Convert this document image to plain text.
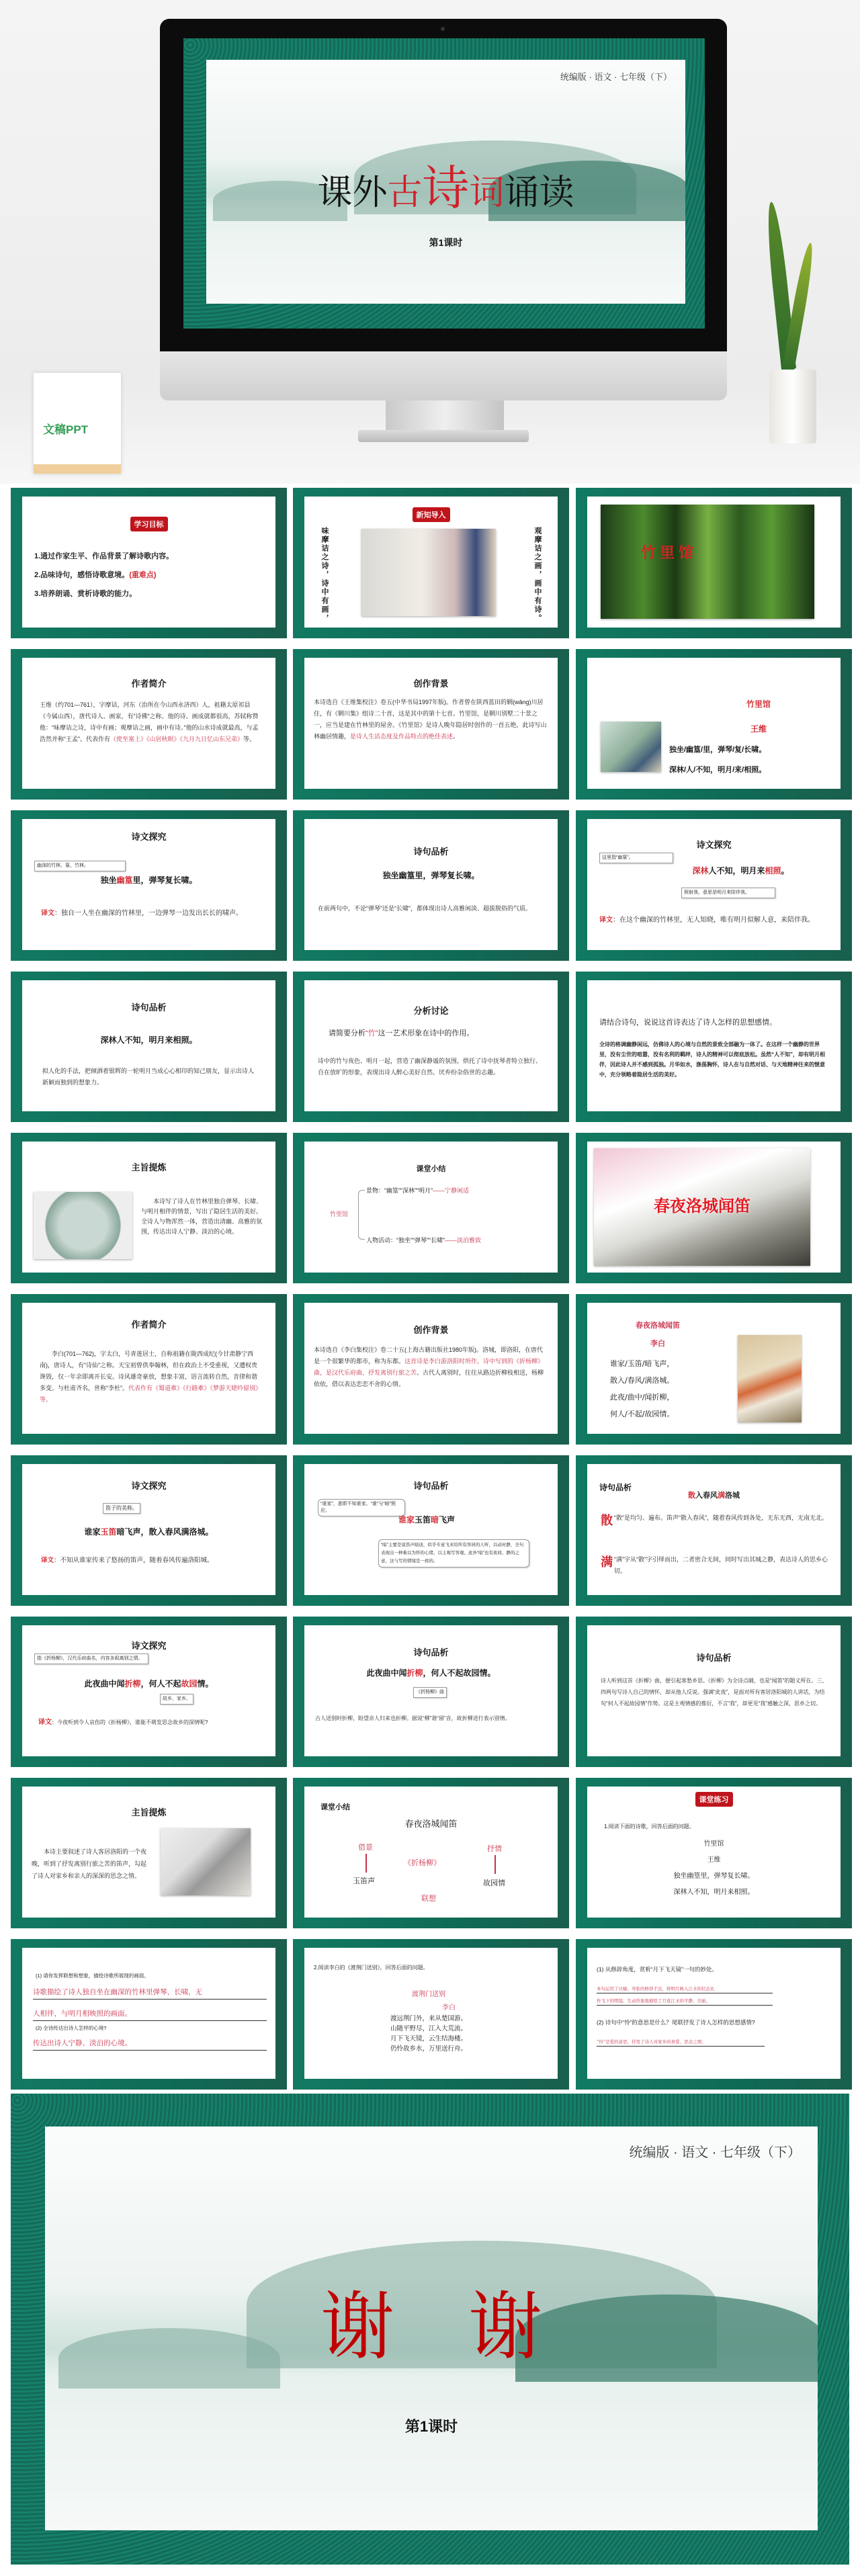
统编版 · 语文 · 七年级（下）
课外古诗词诵读
第1课时
文稿PPT
学习目标
1.通过作家生平、作品背景了解诗歌内容。
2.品味诗句，感悟诗歌意境。(重难点)
3.培养朗诵、赏析诗歌的能力。
新知导入
味摩诘之诗，诗中有画，	观摩诘之画，画中有诗。	竹 里 馆
作者简介
王维（约701—761），字摩诘，河东（治所在今山西永济西）人，祖籍太原祁县（今属山西），唐代诗人、画家，有“诗佛”之称。他的诗、画成就都很高，苏轼称赞他：“味摩诘之诗，诗中有画；观摩诘之画，画中有诗。”他的山水诗成就最高，与孟浩然并称“王孟”。代表作有《使至塞上》《山居秋暝》《九月九日忆山东兄弟》等。
创作背景
本诗选自《王维集校注》卷五(中华书局1997年版)。作者曾在陕西蓝田的辋(wǎng)川居住，有《辋川集》组诗二十首，这是其中的第十七首。竹里馆，是辋川别墅二十景之一，应当是建在竹林里的屋舍。《竹里馆》是诗人晚年隐居时创作的一首五绝，此诗写山林幽居情趣，是诗人生活态度及作品特点的绝佳表述。
竹里馆
王维
独坐/幽篁/里，弹琴/复/长啸。
深林/人/不知，明月/来/相照。
诗文探究
幽深的竹林。篁，竹林。
独坐幽篁里，弹琴复长啸。
译文：独自一人坐在幽深的竹林里，一边弹琴一边发出长长的啸声。
诗句品析
独坐幽篁里，弹琴复长啸。
在前两句中，不论“弹琴”还是“长啸”，都体现出诗人高雅闲淡、超拔脱俗的气质。
诗文探究
这里指“幽篁”。
深林人不知，明月来相照。
照射我，意思是明月来陪伴我。
译文：在这个幽深的竹林里，无人知晓，唯有明月似解人意，来陪伴我。
诗句品析
深林人不知，明月来相照。
拟人化的手法，把倾洒着银辉的一轮明月当成心心相印的知己朋友，显示出诗人新颖而独到的想象力。
分析讨论
请简要分析“竹”这一艺术形象在诗中的作用。
诗中的竹与夜色、明月一起，营造了幽深静谧的氛围，烘托了诗中抚琴者特立独行、自在放旷的形象，表现出诗人醉心美好自然、厌弃纷杂俗世的志趣。
请结合诗句，说说这首诗表达了诗人怎样的思想感情。
全诗的格调幽静闲远，仿佛诗人的心境与自然的景致全部融为一体了。在这样一个幽静的世界里，没有尘世的喧嚣，没有名利的羁绊，诗人的精神可以彻底放松。虽然“人不知”，却有明月相伴，因此诗人并不感到孤独。月华如水，涤荡胸怀，诗人在与自然对话、与天地精神往来的惬意中，充分领略着隐居生活的美好。
主旨提炼
本诗写了诗人在竹林里独自弹琴、长啸、与明月相伴的情景，写出了隐居生活的美好。全诗人与物浑然一体，营造出清幽、高雅的氛围，传达出诗人宁静、淡泊的心境。
课堂小结
竹里馆
景物：“幽篁”“深林”“明月”——宁静闲适
人物活动：“独坐”“弹琴”“长啸”——淡泊雅致
春夜洛城闻笛
作者简介
李白(701—762)，字太白，号青莲居士，自称祖籍在陇西成纪(今甘肃静宁西南)，唐诗人，有“诗仙”之称。天宝初曾供奉翰林，但在政治上不受重视，又遭权贵谗毁，仅一年余即离开长安。诗风雄奇豪放，想象丰富，语言流转自然，音律和谐多变。与杜甫齐名，世称“李杜”。代表作有《蜀道难》《行路难》《梦游天姥吟留别》等。
创作背景
本诗选自《李白集校注》卷二十五(上海古籍出版社1980年版)。洛城，即洛阳，在唐代是一个很繁华的都市，称为东都。这首诗是李白游洛阳时所作，诗中写到的《折杨柳》曲，是汉代乐府曲，抒发离别行旅之苦。古代人离别时，往往从路边折柳枝相送，杨柳依依，借以表达恋恋不舍的心情。
春夜洛城闻笛
李白
谁家/玉笛/暗飞声，
散入/春风/满洛城。
此夜/曲中/闻折柳，
何人/不起/故园情。
诗文探究
笛子的美称。
谁家玉笛暗飞声，散入春风满洛城。
译文：不知从谁家传来了悠扬的笛声，随着春风传遍洛阳城。
诗句品析
“谁家”，意即不知谁家。“谁”与“暗”照应。
谁家玉笛暗飞声
“暗”主要是说笛声暗送，似乎专意飞来给所有客居的人听，以动衬静，全句表现出一种难以为怀的心绪，以主观写客观。此外“暗”也有夜间、静的之意，这与写的情境是一致的。
诗句品析
散入春风满洛城
散 “散”是均匀、遍布。笛声“散入春风”，随着春风传到各处，无东无西，无南无北。
满 “满”字从“散”字引绎而出，二者密合无间，同时写出其城之静，表达诗人的思乡心切。
诗文探究
指《折杨柳》，汉代乐府曲名，内容多叙离别之情。
此夜曲中闻折柳，何人不起故园情。
故乡，家乡。
译文：今夜听到令人哀伤的《折杨柳》，谁能不萌发思念故乡的深情呢?
诗句品析
此夜曲中闻折柳，何人不起故园情。
《折杨柳》曲
古人送别时折柳，盼望亲人归来也折柳。据说“柳”谐“留”音，故折柳送行表示别情。
诗句品析
诗人听到这首《折柳》曲，便引起客愁乡思。《折柳》为全诗点睛，也是“闻笛”的题义所在。三、四两句写诗人自己的情怀，却从他人反说。强调“此夜”，是面对所有客居洛阳城的人讲话，为结句“何人不起故园情”作势。这是主观情感的推衍，不言“我”，却更见“我”感触之深，思乡之切。
主旨提炼
本诗主要叙述了诗人客居洛阳的一个夜晚，听到了抒发离别行旅之苦的笛声，勾起了诗人对家乡和亲人的深深的思念之情。
课堂小结
春夜洛城闻笛
借景
玉笛声
《折杨柳》
抒情
故园情
联想
课堂练习
1.阅读下面的诗歌，回答后面的问题。
竹里馆
王维
独坐幽篁里，弹琴复长啸。
深林人不知，明月来相照。
(1) 请你发挥联想和想象，描绘诗歌所展现的画面。
诗歌描绘了诗人独自坐在幽深的竹林里弹琴、长啸，无
人相伴，与明月相映照的画面。
(2) 全诗传达出诗人怎样的心境?
传达出诗人宁静、淡泊的心境。
2.阅读李白的《渡荆门送别》，回答后面的问题。
渡荆门送别
李白
渡远荆门外，来从楚国游。
山随平野尽，江入大荒流。
月下飞天镜，云生结海楼。
仍怜故乡水，万里送行舟。
(1) 从修辞角度，赏析“月下飞天镜”一句的妙处。
本句运用了比喻、夸张的修辞手法，将明月映入江水的状态比
作飞下的明镜，生动形象地描绘了月夜江水的平静、美丽。
(2) 诗句中“怜”的意思是什么？尾联抒发了诗人怎样的思想感情?
“怜”是爱的意思，抒发了诗人对家乡的喜爱、思念之情。
统编版 · 语文 · 七年级（下）
谢　谢
第1课时
